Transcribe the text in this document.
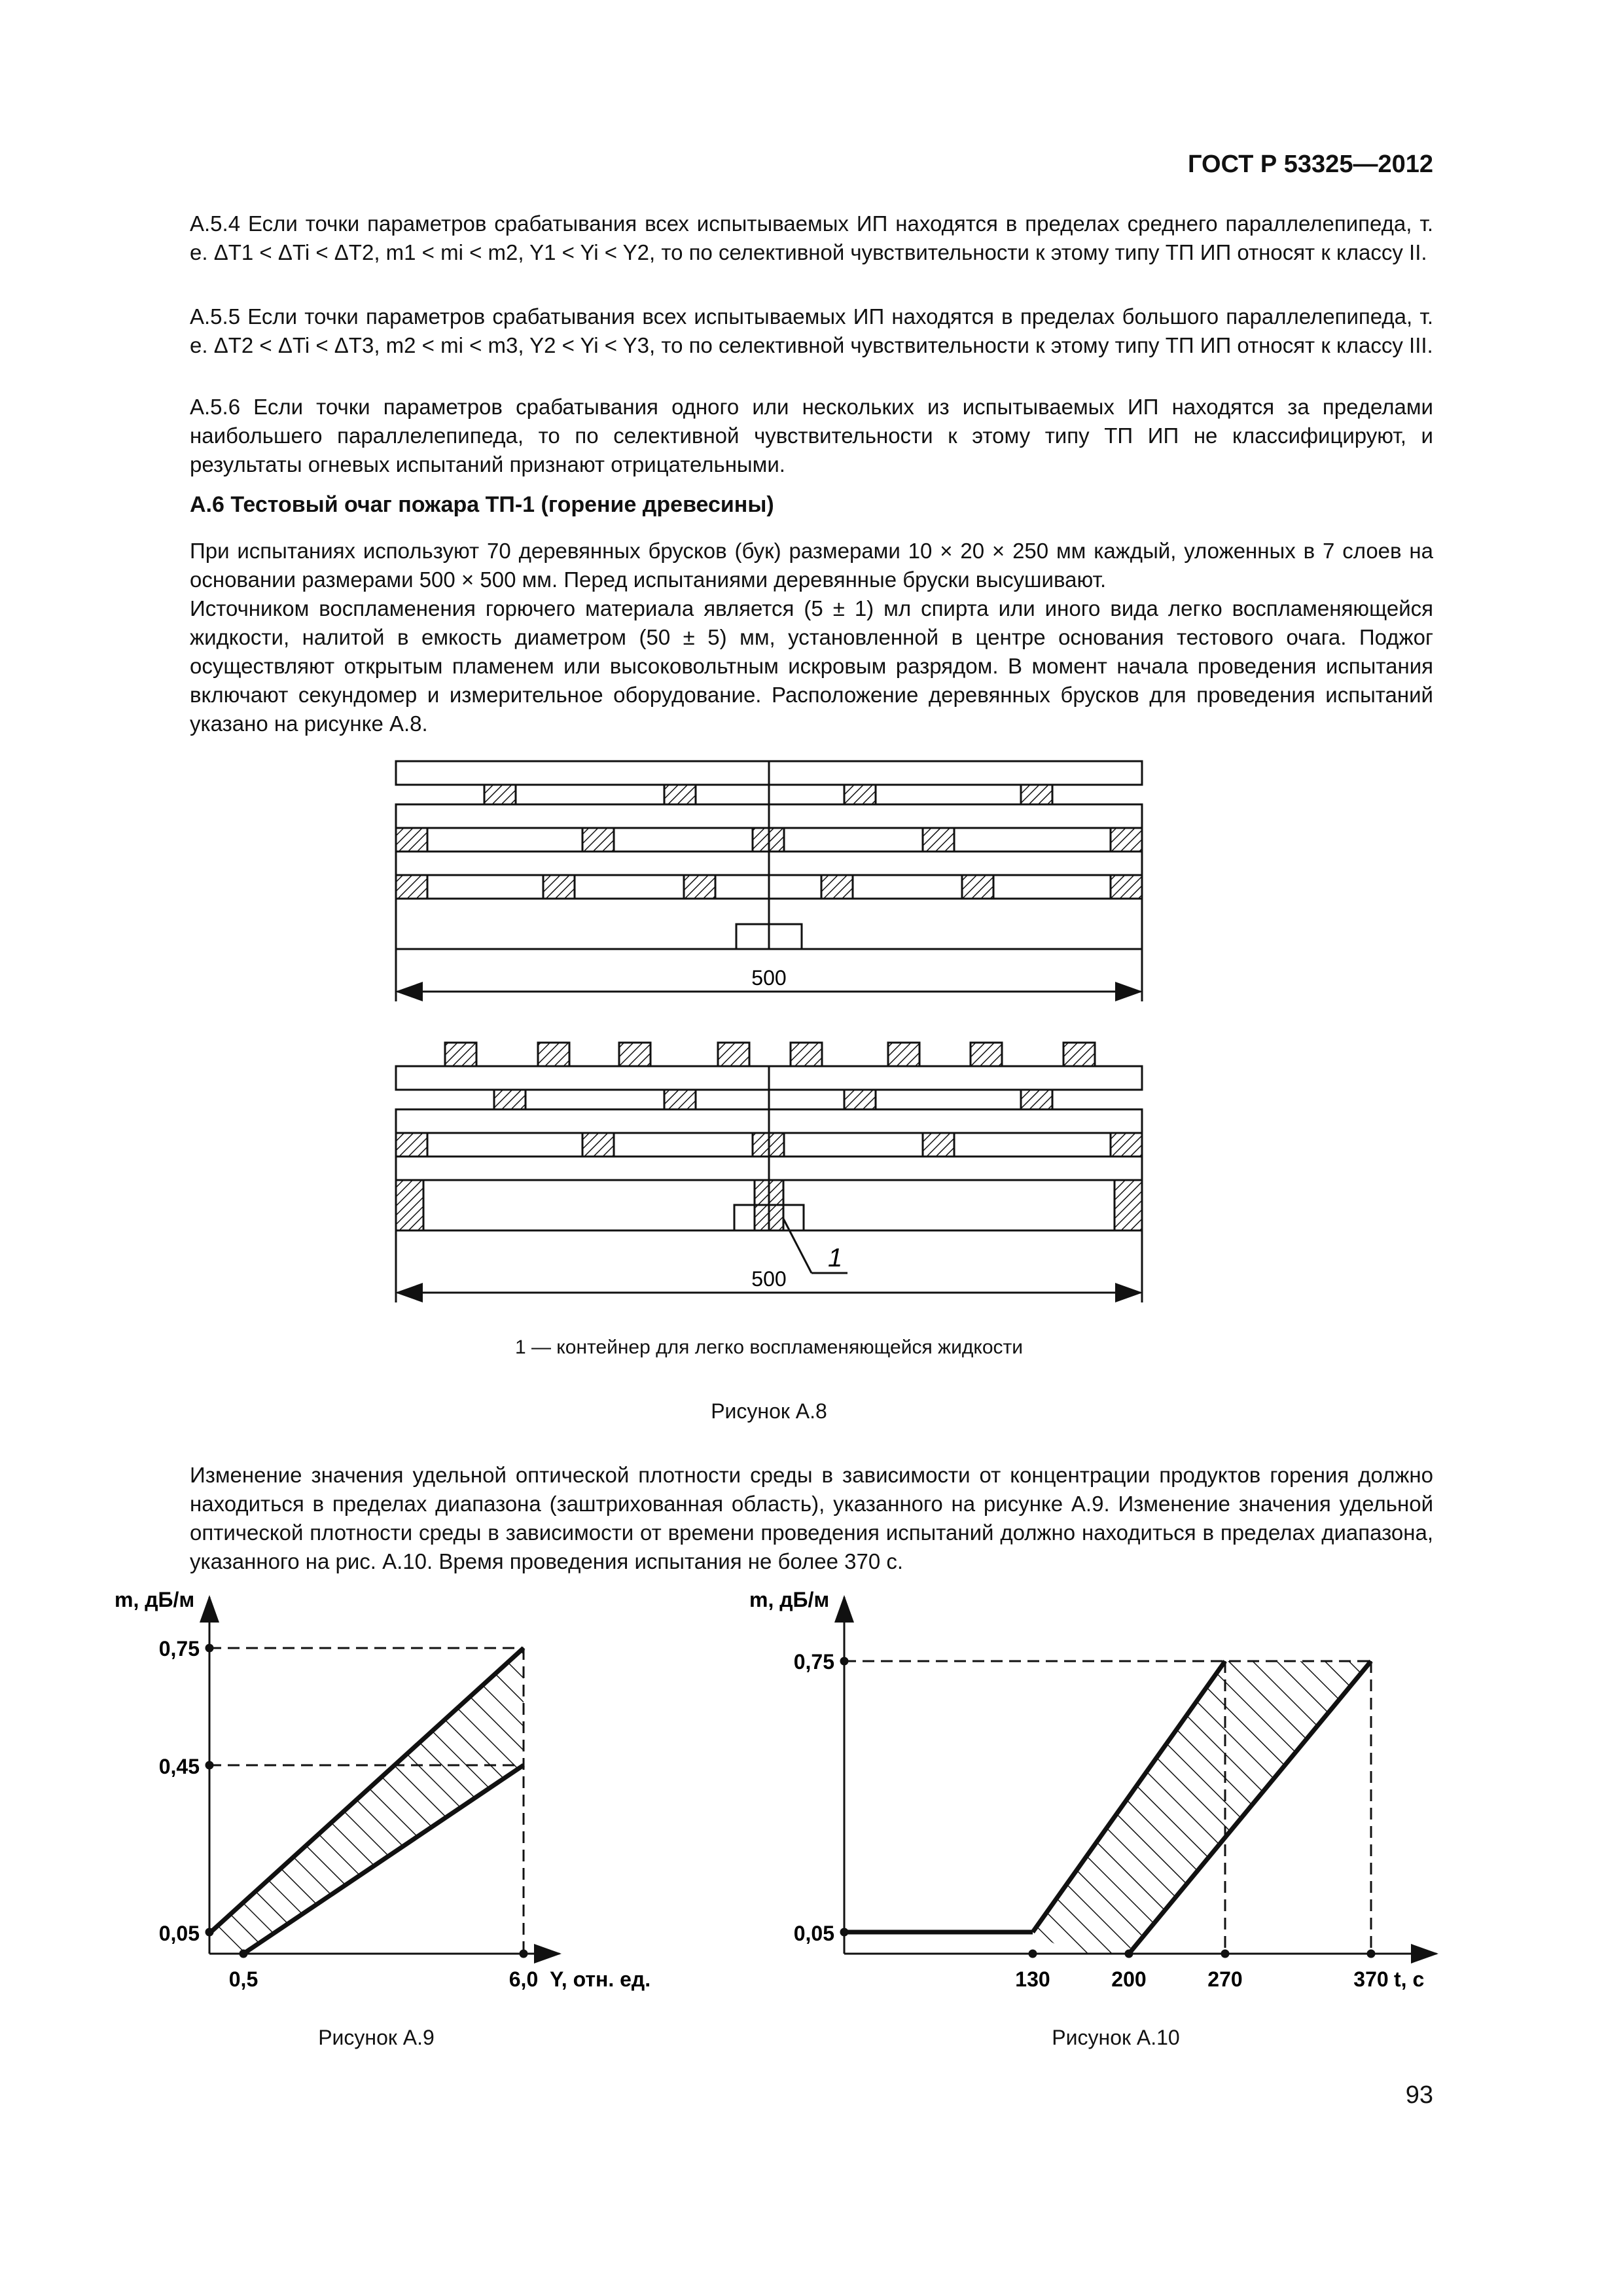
ГОСТ Р 53325—2012

А.5.4 Если точки параметров срабатывания всех испытываемых ИП находятся в пределах среднего параллелепипеда, т. е. ΔT1 < ΔTi < ΔT2, m1 < mi < m2, Y1 < Yi < Y2, то по селективной чувствительности к этому типу ТП ИП относят к классу II.

А.5.5 Если точки параметров срабатывания всех испытываемых ИП находятся в пределах большого параллелепипеда, т. е. ΔT2 < ΔTi < ΔT3, m2 < mi < m3, Y2 < Yi < Y3, то по селективной чувствительности к этому типу ТП ИП относят к классу III.

А.5.6 Если точки параметров срабатывания одного или нескольких из испытываемых ИП находятся за пределами наибольшего параллелепипеда, то по селективной чувствительности к этому типу ТП ИП не классифицируют, и результаты огневых испытаний признают отрицательными.

А.6 Тестовый очаг пожара ТП-1 (горение древесины)

При испытаниях используют 70 деревянных брусков (бук) размерами 10 × 20 × 250 мм каждый, уложенных в 7 слоев на основании размерами 500 × 500 мм. Перед испытаниями деревянные бруски высушивают.

Источником воспламенения горючего материала является (5 ± 1) мл спирта или иного вида легко воспламеняющейся жидкости, налитой в емкость диаметром (50 ± 5) мм, установленной в центре основания тестового очага. Поджог осуществляют открытым пламенем или высоковольтным искровым разрядом. В момент начала проведения испытания включают секундомер и измерительное оборудование. Расположение деревянных брусков для проведения испытаний указано на рисунке А.8.

500
1
500
m, дБ/м
0,75
0,45
0,05
0,5	6,0 Y, отн. ед.
m, дБ/м
0,75
0,05
130	200	270	370 t, c
1 — контейнер для легко воспламеняющейся жидкости
Рисунок А.8

Изменение значения удельной оптической плотности среды в зависимости от концентрации продуктов горения должно находиться в пределах диапазона (заштрихованная область), указанного на рисунке А.9. Изменение значения удельной оптической плотности среды в зависимости от времени проведения испытаний должно находиться в пределах диапазона, указанного на рис. А.10. Время проведения испытания не более 370 с.

Рисунок А.9	Рисунок А.10
93
